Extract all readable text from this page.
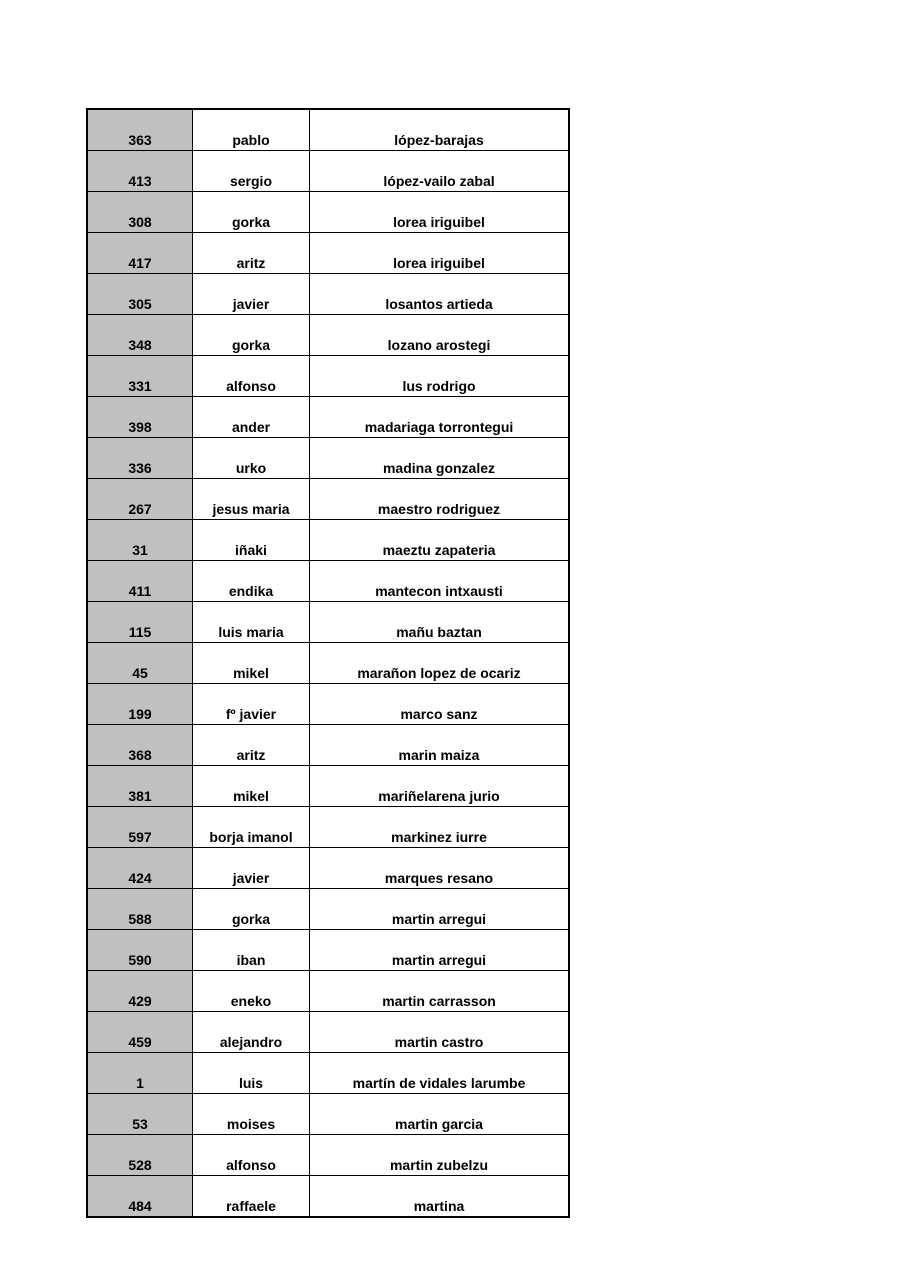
363	pablo	lópez-barajas
413	sergio	lópez-vailo zabal
308	gorka	lorea iriguibel
417	aritz	lorea iriguibel
305	javier	losantos artieda
348	gorka	lozano arostegi
331	alfonso	lus rodrigo
398	ander	madariaga torrontegui
336	urko	madina gonzalez
267	jesus maria	maestro rodriguez
31	iñaki	maeztu zapateria
411	endika	mantecon intxausti
115	luis maria	mañu baztan
45	mikel	marañon lopez de ocariz
199	fº javier	marco sanz
368	aritz	marin maiza
381	mikel	mariñelarena jurio
597	borja imanol	markinez iurre
424	javier	marques resano
588	gorka	martin arregui
590	iban	martin arregui
429	eneko	martin carrasson
459	alejandro	martin castro
1	luis	martín de vidales larumbe
53	moises	martin garcia
528	alfonso	martin zubelzu
484	raffaele	martina
